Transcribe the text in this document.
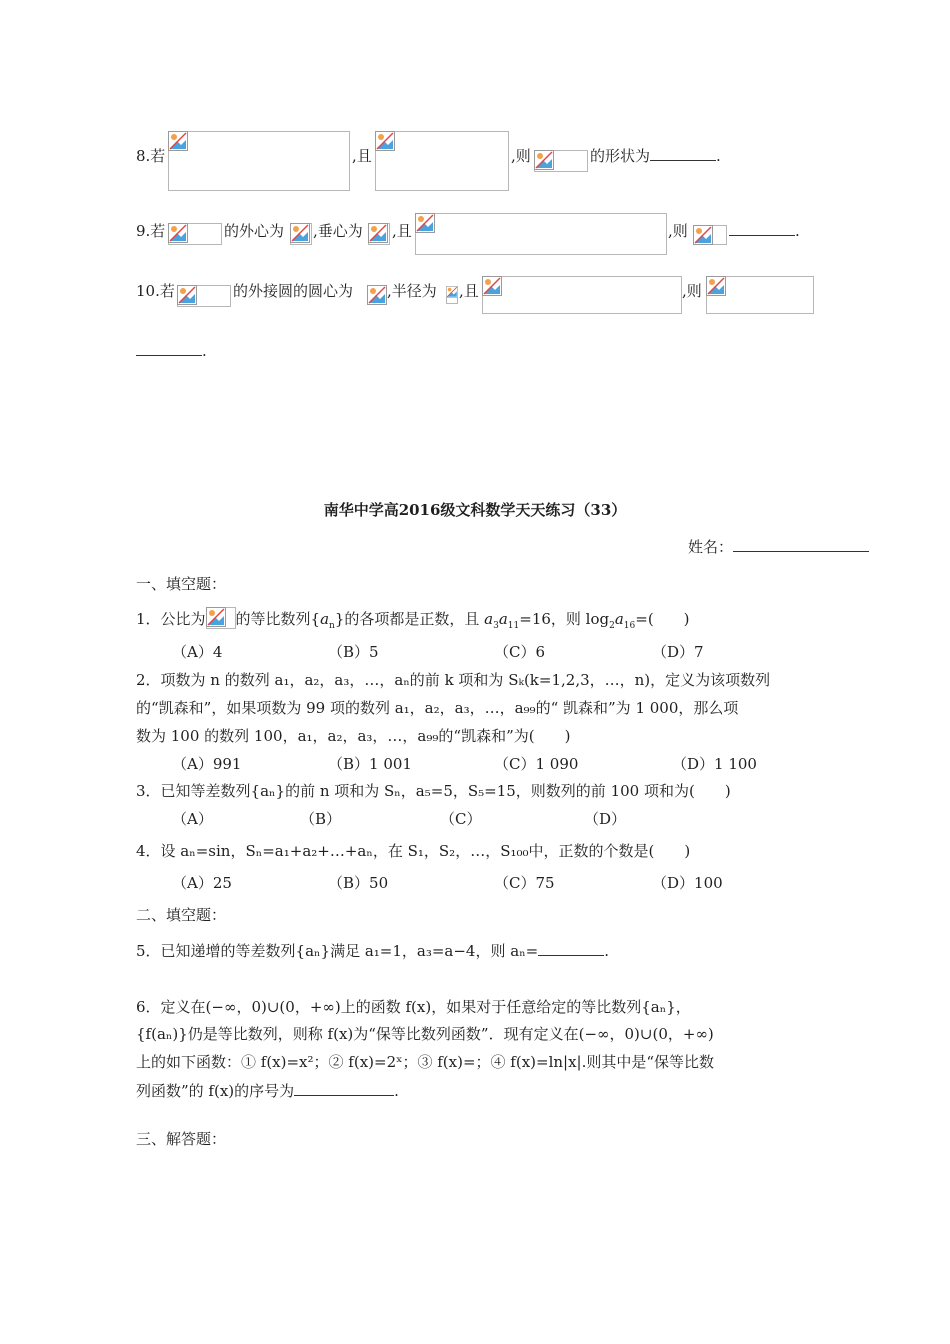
8.若	,且	,则	的形状为	.
9.若	的外心为 ,垂心为 ,且	,则	.
10.若	的外接圆的圆心为 ,半径为 ,且	,则
.
南华中学高2016级文科数学天天练习（33）
姓名：
一、填空题：
1．公比为 的等比数列$\{a_n\}$的各项都是正数，且 $a_3a_{11}=16$，则 $\log_2a_{16}=$(　　)
（A）4	（B）5	（C）6	（D）7
2．项数为 n 的数列 a₁，a₂，a₃，…，aₙ的前 k 项和为 Sₖ(k=1,2,3，…，n)，定义为该项数列
的“凯森和”，如果项数为 99 项的数列 a₁，a₂，a₃，…，a₉₉的“ 凯森和”为 1 000，那么项
数为 100 的数列 100，a₁，a₂，a₃，…，a₉₉的“凯森和”为(　　)
（A）991	（B）1 001	（C）1 090	（D）1 100
3．已知等差数列{aₙ}的前 n 项和为 Sₙ，a₅=5，S₅=15，则数列的前 100 项和为(　　)
（A）	（B）	（C）	（D）
4．设 aₙ=sin，Sₙ=a₁+a₂+…+aₙ，在 S₁，S₂，…，S₁₀₀中，正数的个数是(　　)
（A）25	（B）50	（C）75	（D）100
二、填空题：
5．已知递增的等差数列{aₙ}满足 a₁=1，a₃=a−4，则 aₙ=	.
6．定义在(−∞，0)∪(0，+∞)上的函数 f(x)，如果对于任意给定的等比数列{aₙ}，
{f(aₙ)}仍是等比数列，则称 f(x)为“保等比数列函数”．现有定义在(−∞，0)∪(0，+∞)
上的如下函数：① f(x)=x²；② f(x)=2ˣ；③ f(x)=；④ f(x)=ln|x|.则其中是“保等比数
列函数”的 f(x)的序号为	.
三、解答题：
